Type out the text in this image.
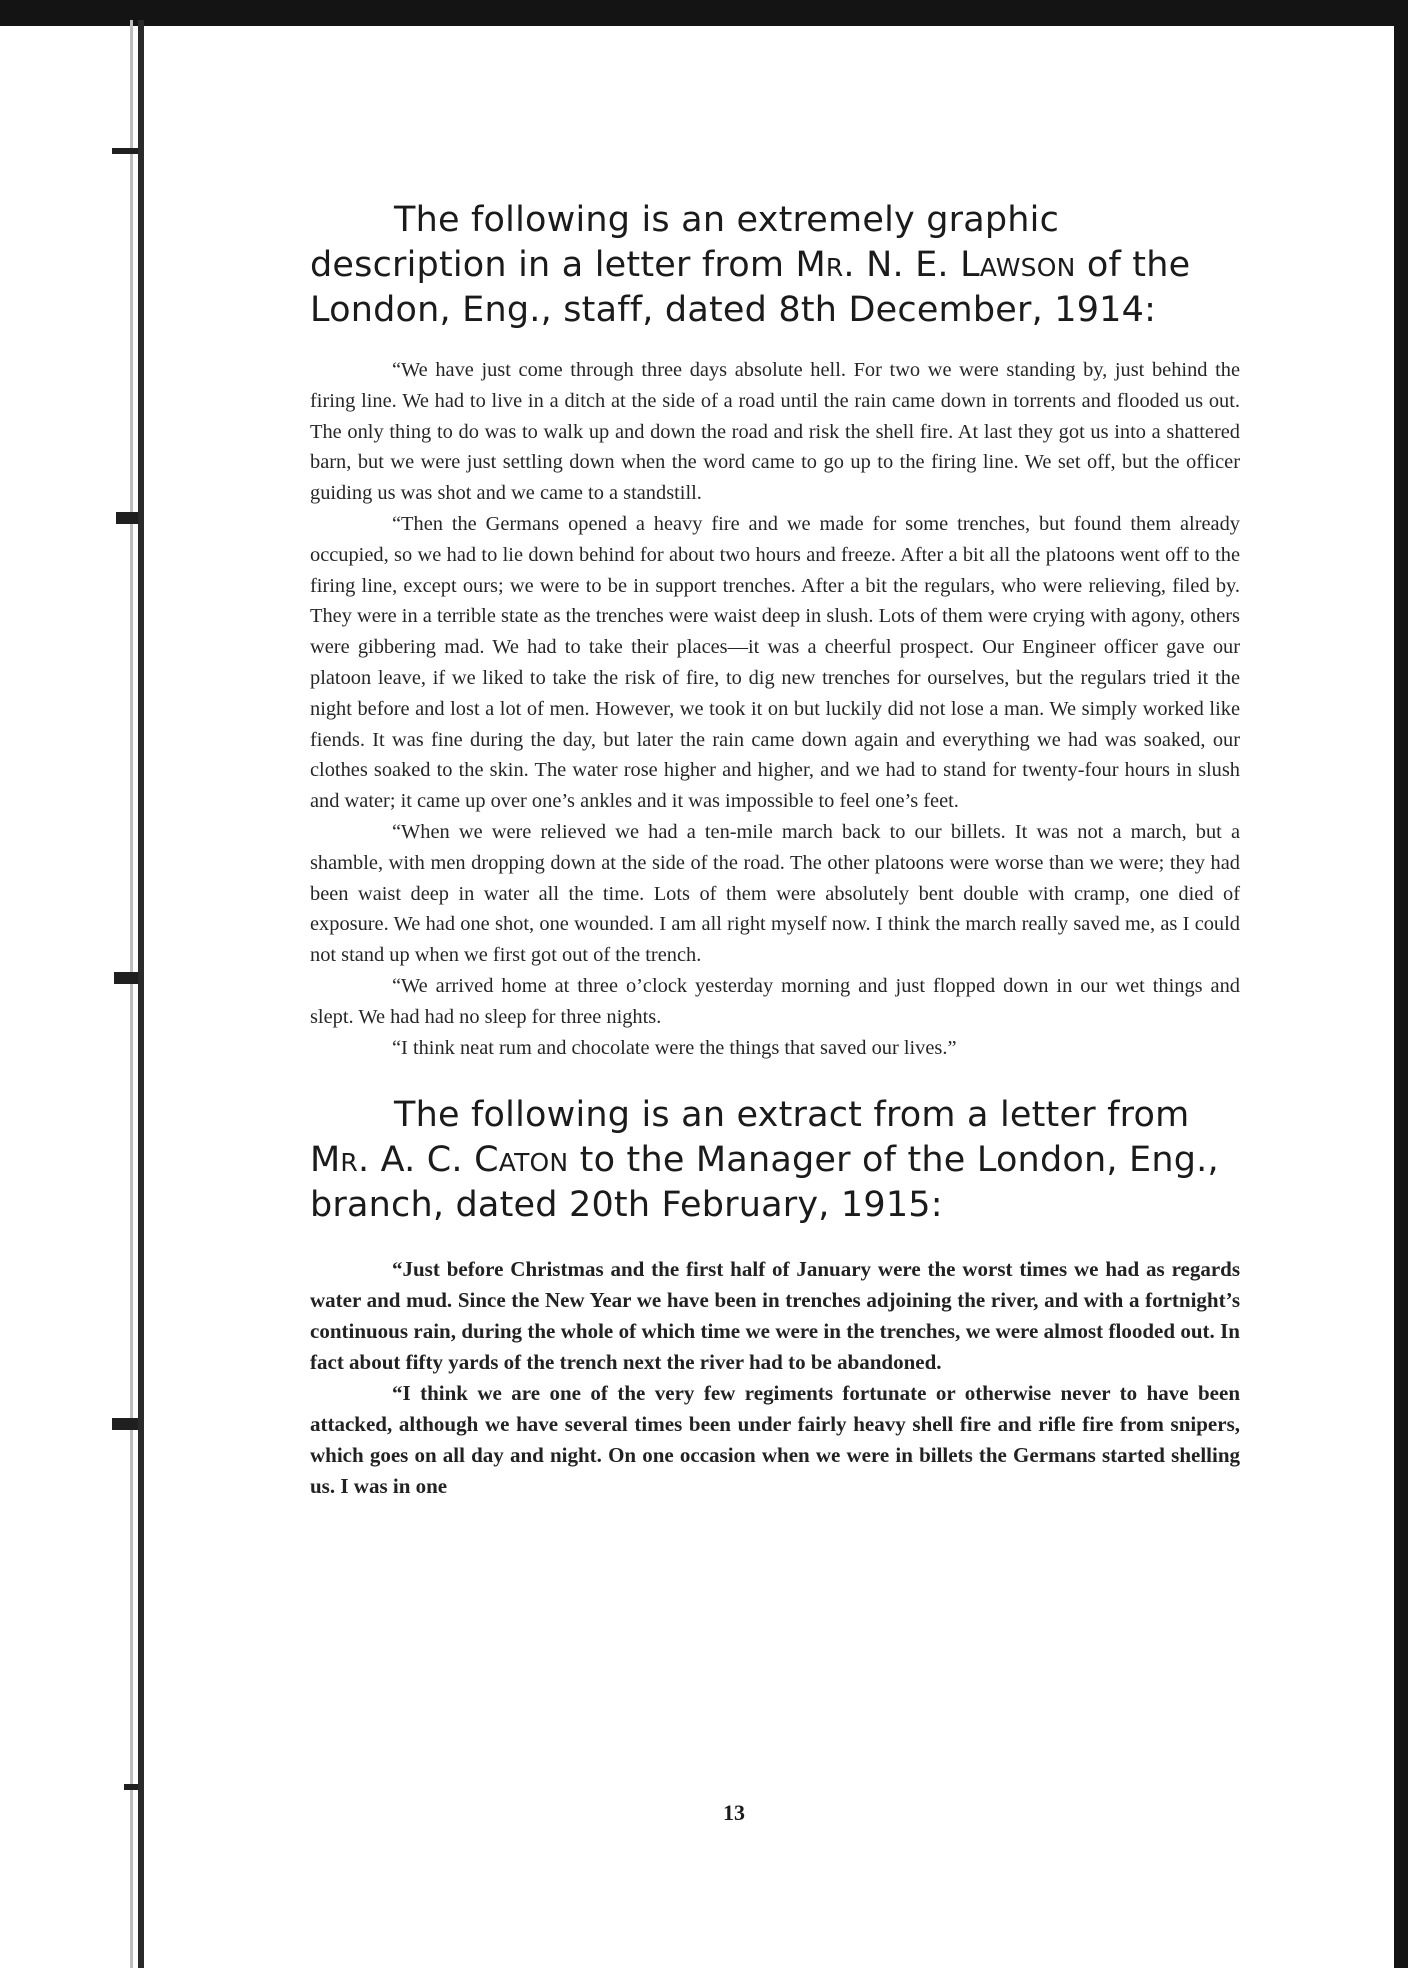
The following is an extremely graphic description in a letter from Mr. N. E. Lawson of the London, Eng., staff, dated 8th December, 1914:

“We have just come through three days absolute hell. For two we were standing by, just behind the firing line. We had to live in a ditch at the side of a road until the rain came down in torrents and flooded us out. The only thing to do was to walk up and down the road and risk the shell fire. At last they got us into a shattered barn, but we were just settling down when the word came to go up to the firing line. We set off, but the officer guiding us was shot and we came to a standstill.

“Then the Germans opened a heavy fire and we made for some trenches, but found them already occupied, so we had to lie down behind for about two hours and freeze. After a bit all the platoons went off to the firing line, except ours; we were to be in support trenches. After a bit the regulars, who were relieving, filed by. They were in a terrible state as the trenches were waist deep in slush. Lots of them were crying with agony, others were gibbering mad. We had to take their places—it was a cheerful prospect. Our Engineer officer gave our platoon leave, if we liked to take the risk of fire, to dig new trenches for ourselves, but the regulars tried it the night before and lost a lot of men. However, we took it on but luckily did not lose a man. We simply worked like fiends. It was fine during the day, but later the rain came down again and everything we had was soaked, our clothes soaked to the skin. The water rose higher and higher, and we had to stand for twenty-four hours in slush and water; it came up over one’s ankles and it was impossible to feel one’s feet.

“When we were relieved we had a ten-mile march back to our billets. It was not a march, but a shamble, with men dropping down at the side of the road. The other platoons were worse than we were; they had been waist deep in water all the time. Lots of them were absolutely bent double with cramp, one died of exposure. We had one shot, one wounded. I am all right myself now. I think the march really saved me, as I could not stand up when we first got out of the trench.

“We arrived home at three o’clock yesterday morning and just flopped down in our wet things and slept. We had had no sleep for three nights.

“I think neat rum and chocolate were the things that saved our lives.”

The following is an extract from a letter from Mr. A. C. Caton to the Manager of the London, Eng., branch, dated 20th February, 1915:

“Just before Christmas and the first half of January were the worst times we had as regards water and mud. Since the New Year we have been in trenches adjoining the river, and with a fortnight’s continuous rain, during the whole of which time we were in the trenches, we were almost flooded out. In fact about fifty yards of the trench next the river had to be abandoned.

“I think we are one of the very few regiments fortunate or otherwise never to have been attacked, although we have several times been under fairly heavy shell fire and rifle fire from snipers, which goes on all day and night. On one occasion when we were in billets the Germans started shelling us. I was in one

13
